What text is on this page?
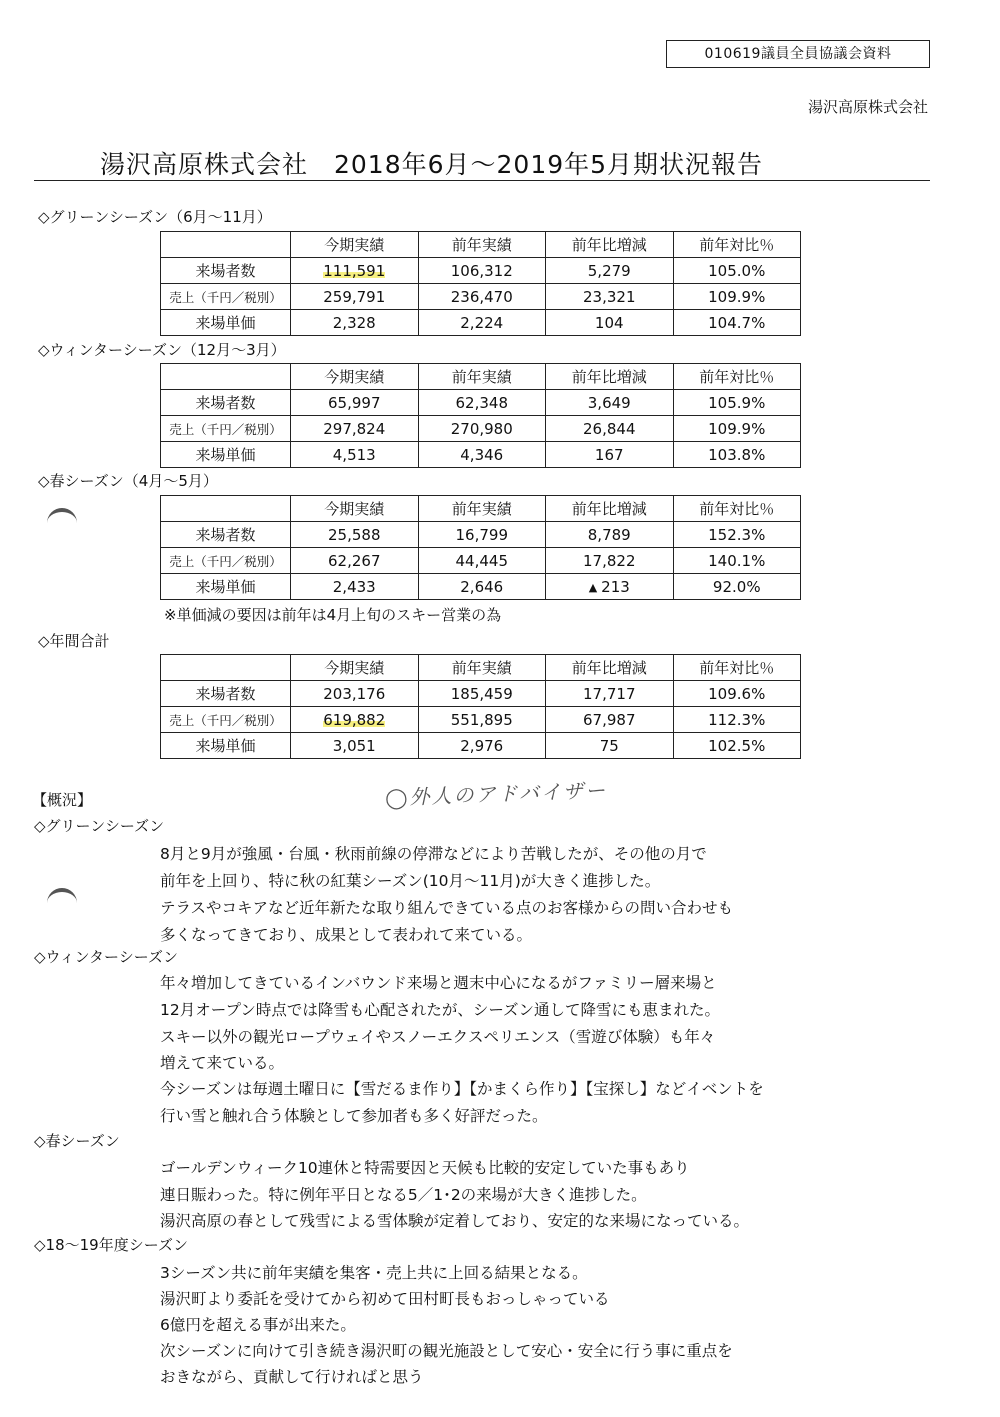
010619議員全員協議会資料
湯沢高原株式会社
湯沢高原株式会社　2018年6月～2019年5月期状況報告
◇グリーンシーズン（6月～11月）
	今期実績	前年実績	前年比増減	前年対比％
来場者数	111,591	106,312	5,279	105.0%
売上（千円／税別）	259,791	236,470	23,321	109.9%
来場単価	2,328	2,224	104	104.7%
◇ウィンターシーズン（12月～3月）
	今期実績	前年実績	前年比増減	前年対比％
来場者数	65,997	62,348	3,649	105.9%
売上（千円／税別）	297,824	270,980	26,844	109.9%
来場単価	4,513	4,346	167	103.8%
◇春シーズン（4月～5月）
	今期実績	前年実績	前年比増減	前年対比％
来場者数	25,588	16,799	8,789	152.3%
売上（千円／税別）	62,267	44,445	17,822	140.1%
来場単価	2,433	2,646	▲ 213	92.0%
※単価減の要因は前年は4月上旬のスキー営業の為
◇年間合計
	今期実績	前年実績	前年比増減	前年対比％
来場者数	203,176	185,459	17,717	109.6%
売上（千円／税別）	619,882	551,895	67,987	112.3%
来場単価	3,051	2,976	75	102.5%
【概況】	◯外人のアドバイザー
◇グリーンシーズン
8月と9月が強風・台風・秋雨前線の停滞などにより苦戦したが、その他の月で
前年を上回り、特に秋の紅葉シーズン(10月～11月)が大きく進捗した。
テラスやコキアなど近年新たな取り組んできている点のお客様からの問い合わせも
多くなってきており、成果として表われて来ている。
◇ウィンターシーズン
年々増加してきているインバウンド来場と週末中心になるがファミリー層来場と
12月オープン時点では降雪も心配されたが、シーズン通して降雪にも恵まれた。
スキー以外の観光ロープウェイやスノーエクスペリエンス（雪遊び体験）も年々
増えて来ている。
今シーズンは毎週土曜日に【雪だるま作り】【かまくら作り】【宝探し】などイベントを
行い雪と触れ合う体験として参加者も多く好評だった。
◇春シーズン
ゴールデンウィーク10連休と特需要因と天候も比較的安定していた事もあり
連日賑わった。特に例年平日となる5／1･2の来場が大きく進捗した。
湯沢高原の春として残雪による雪体験が定着しており、安定的な来場になっている。
◇18～19年度シーズン
3シーズン共に前年実績を集客・売上共に上回る結果となる。
湯沢町より委託を受けてから初めて田村町長もおっしゃっている
6億円を超える事が出来た。
次シーズンに向けて引き続き湯沢町の観光施設として安心・安全に行う事に重点を
おきながら、貢献して行ければと思う
